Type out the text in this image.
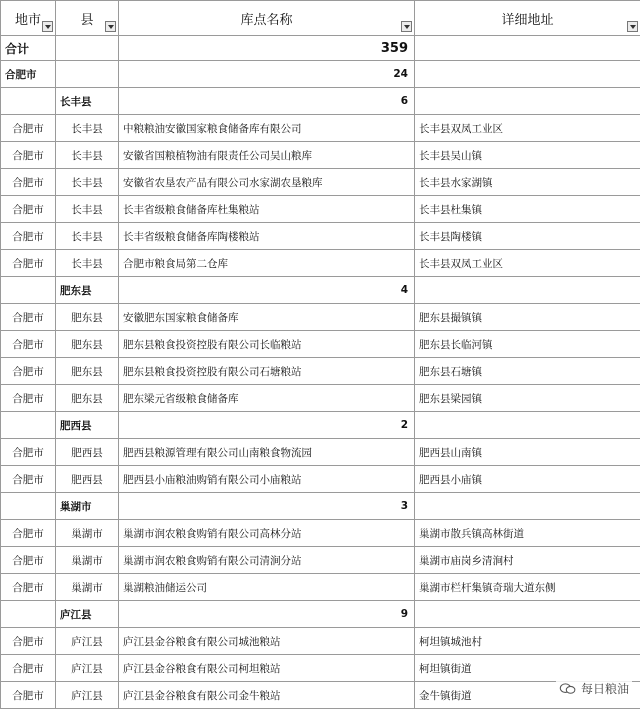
地市	县	库点名称	详细地址

合计		359	
合肥市		24	
	长丰县	6	
合肥市	长丰县	中粮粮油安徽国家粮食储备库有限公司	长丰县双凤工业区
合肥市	长丰县	安徽省国粮植物油有限责任公司吴山粮库	长丰县吴山镇
合肥市	长丰县	安徽省农垦农产品有限公司水家湖农垦粮库	长丰县水家湖镇
合肥市	长丰县	长丰省级粮食储备库杜集粮站	长丰县杜集镇
合肥市	长丰县	长丰省级粮食储备库陶楼粮站	长丰县陶楼镇
合肥市	长丰县	合肥市粮食局第二仓库	长丰县双凤工业区
	肥东县	4	
合肥市	肥东县	安徽肥东国家粮食储备库	肥东县撮镇镇
合肥市	肥东县	肥东县粮食投资控股有限公司长临粮站	肥东县长临河镇
合肥市	肥东县	肥东县粮食投资控股有限公司石塘粮站	肥东县石塘镇
合肥市	肥东县	肥东梁元省级粮食储备库	肥东县梁园镇
	肥西县	2	
合肥市	肥西县	肥西县粮源管理有限公司山南粮食物流园	肥西县山南镇
合肥市	肥西县	肥西县小庙粮油购销有限公司小庙粮站	肥西县小庙镇
	巢湖市	3	
合肥市	巢湖市	巢湖市润农粮食购销有限公司高林分站	巢湖市散兵镇高林街道
合肥市	巢湖市	巢湖市润农粮食购销有限公司清涧分站	巢湖市庙岗乡清涧村
合肥市	巢湖市	巢湖粮油储运公司	巢湖市栏杆集镇奇瑞大道东侧
	庐江县	9	
合肥市	庐江县	庐江县金谷粮食有限公司城池粮站	柯坦镇城池村
合肥市	庐江县	庐江县金谷粮食有限公司柯坦粮站	柯坦镇街道
合肥市	庐江县	庐江县金谷粮食有限公司金牛粮站	金牛镇街道	每日粮油
